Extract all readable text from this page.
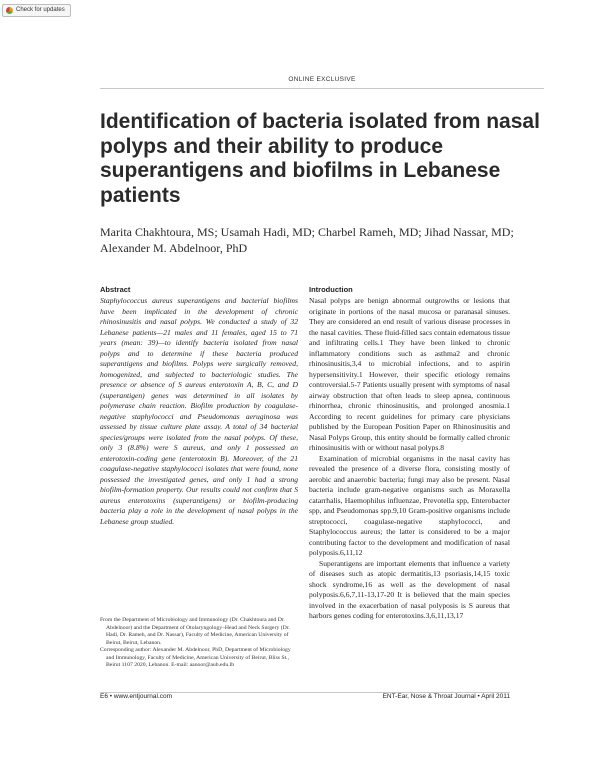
Check for updates
ONLINE EXCLUSIVE
Identification of bacteria isolated from nasal polyps and their ability to produce superantigens and biofilms in Lebanese patients

Marita Chakhtoura, MS; Usamah Hadi, MD; Charbel Rameh, MD; Jihad Nassar, MD; Alexander M. Abdelnoor, PhD

Abstract

Staphylococcus aureus superantigens and bacterial biofilms have been implicated in the development of chronic rhinosinusitis and nasal polyps. We conducted a study of 32 Lebanese patients—21 males and 11 females, aged 15 to 71 years (mean: 39)—to identify bacteria isolated from nasal polyps and to determine if these bacteria produced superantigens and biofilms. Polyps were surgically removed, homogenized, and subjected to bacteriologic studies. The presence or absence of S aureus enterotoxin A, B, C, and D (superantigen) genes was determined in all isolates by polymerase chain reaction. Biofilm production by coagulase-negative staphylococci and Pseudomonas aeruginosa was assessed by tissue culture plate assay. A total of 34 bacterial species/groups were isolated from the nasal polyps. Of these, only 3 (8.8%) were S aureus, and only 1 possessed an enterotoxin-coding gene (enterotoxin B). Moreover, of the 21 coagulase-negative staphylococci isolates that were found, none possessed the investigated genes, and only 1 had a strong biofilm-formation property. Our results could not confirm that S aureus enterotoxins (superantigens) or biofilm-producing bacteria play a role in the development of nasal polyps in the Lebanese group studied.

From the Department of Microbiology and Immunology (Dr. Chakhtoura and Dr. Abdelnoor) and the Department of Otolaryngology–Head and Neck Surgery (Dr. Hadi, Dr. Rameh, and Dr. Nassar), Faculty of Medicine, American University of Beirut, Beirut, Lebanon.

Corresponding author: Alexander M. Abdelnoor, PhD, Department of Microbiology and Immunology, Faculty of Medicine, American University of Beirut, Bliss St., Beirut 1107 2020, Lebanon. E-mail: aanoor@aub.edu.lb

Introduction

Nasal polyps are benign abnormal outgrowths or lesions that originate in portions of the nasal mucosa or paranasal sinuses. They are considered an end result of various disease processes in the nasal cavities. These fluid-filled sacs contain edematous tissue and infiltrating cells.1 They have been linked to chronic inflammatory conditions such as asthma2 and chronic rhinosinusitis,3,4 to microbial infections, and to aspirin hypersensitivity.1 However, their specific etiology remains controversial.5-7 Patients usually present with symptoms of nasal airway obstruction that often leads to sleep apnea, continuous rhinorrhea, chronic rhinosinusitis, and prolonged anosmia.1 According to recent guidelines for primary care physicians published by the European Position Paper on Rhinosinusitis and Nasal Polyps Group, this entity should be formally called chronic rhinosinusitis with or without nasal polyps.8

Examination of microbial organisms in the nasal cavity has revealed the presence of a diverse flora, consisting mostly of aerobic and anaerobic bacteria; fungi may also be present. Nasal bacteria include gram-negative organisms such as Moraxella catarrhalis, Haemophilus influenzae, Prevotella spp, Enterobacter spp, and Pseudomonas spp.9,10 Gram-positive organisms include streptococci, coagulase-negative staphylococci, and Staphylococcus aureus; the latter is considered to be a major contributing factor to the development and modification of nasal polyposis.6,11,12

Superantigens are important elements that influence a variety of diseases such as atopic dermatitis,13 psoriasis,14,15 toxic shock syndrome,16 as well as the development of nasal polyposis.6,6,7,11-13,17-20 It is believed that the main species involved in the exacerbation of nasal polyposis is S aureus that harbors genes coding for enterotoxins.3,6,11,13,17

E6 • www.entjournal.com	ENT-Ear, Nose & Throat Journal • April 2011
